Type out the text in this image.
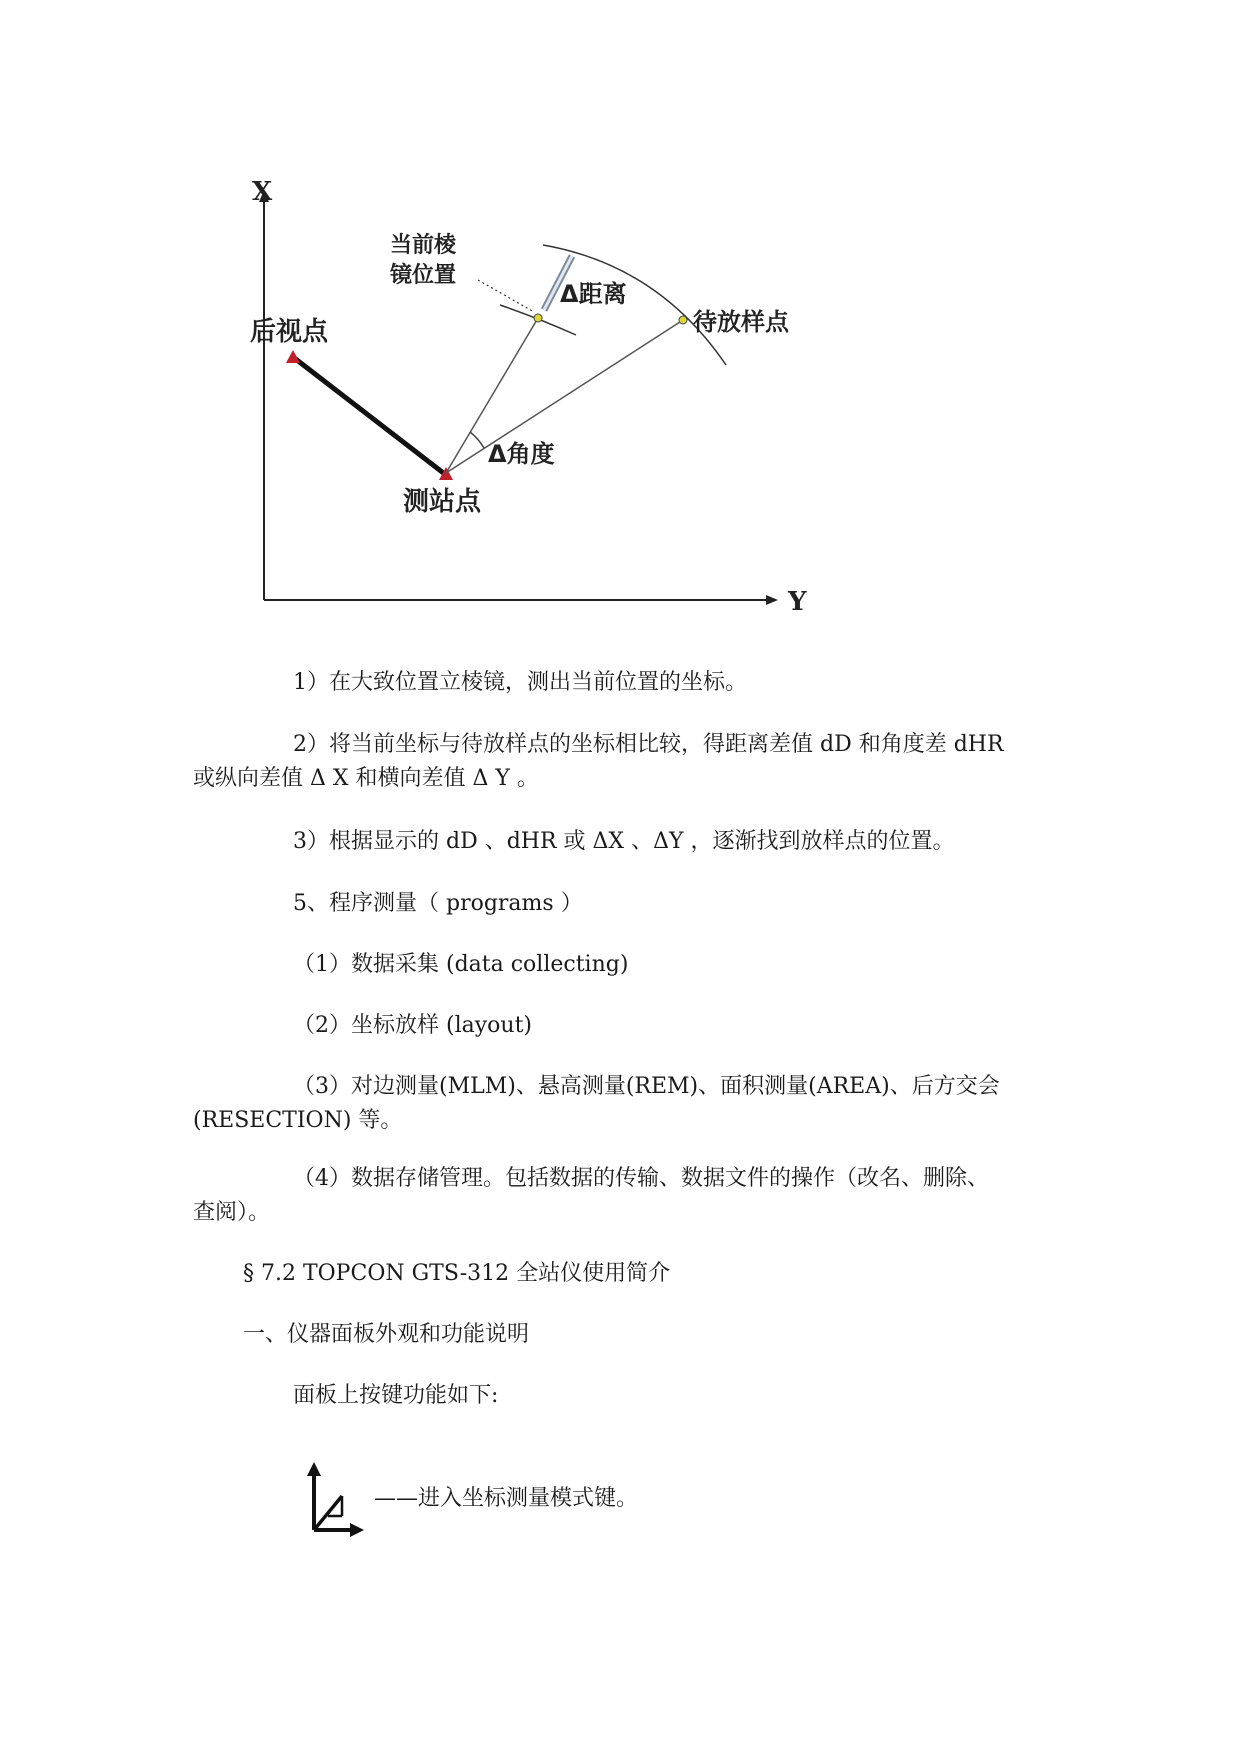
X
Y
后视点
测站点
当前棱
镜位置
Δ距离
待放样点
Δ角度

1）在大致位置立棱镜，测出当前位置的坐标。

2）将当前坐标与待放样点的坐标相比较，得距离差值 dD 和角度差 dHR
或纵向差值 Δ X 和横向差值 Δ Y 。

3）根据显示的 dD 、dHR 或 ΔX 、ΔY ，逐渐找到放样点的位置。

5、程序测量（ programs ）

（1）数据采集 (data collecting)

（2）坐标放样 (layout)

（3）对边测量(MLM)、悬高测量(REM)、面积测量(AREA)、后方交会
(RESECTION) 等。

（4）数据存储管理。包括数据的传输、数据文件的操作（改名、删除、
查阅）。

§ 7.2 TOPCON GTS-312 全站仪使用简介

一、仪器面板外观和功能说明

面板上按键功能如下:

——进入坐标测量模式键。
